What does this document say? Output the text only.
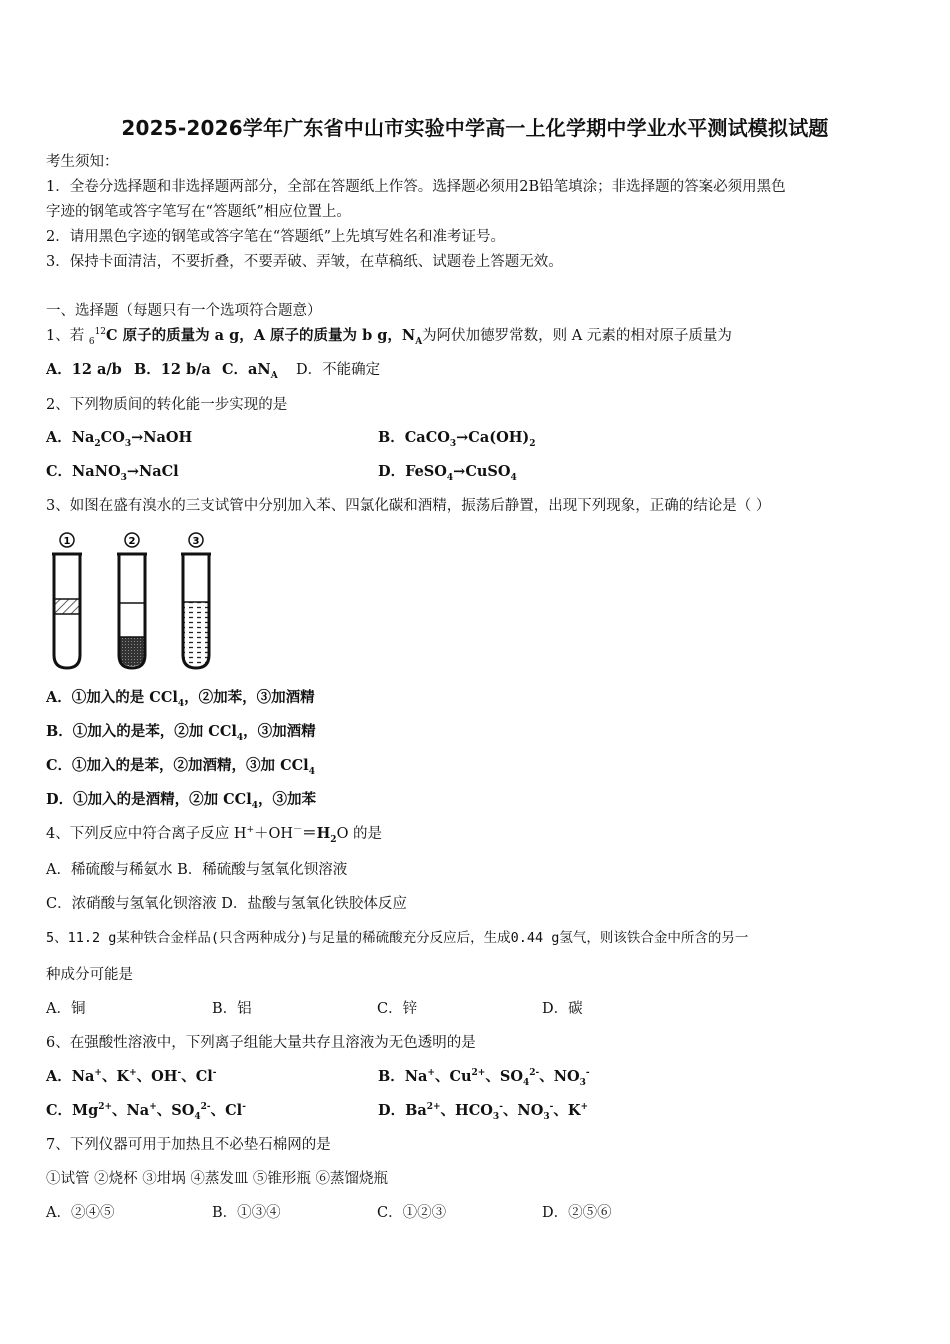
2025-2026学年广东省中山市实验中学高一上化学期中学业水平测试模拟试题
考生须知：
1．全卷分选择题和非选择题两部分，全部在答题纸上作答。选择题必须用2B铅笔填涂；非选择题的答案必须用黑色
字迹的钢笔或答字笔写在“答题纸”相应位置上。
2．请用黑色字迹的钢笔或答字笔在“答题纸”上先填写姓名和准考证号。
3．保持卡面清洁，不要折叠，不要弄破、弄皱，在草稿纸、试题卷上答题无效。
一、选择题（每题只有一个选项符合题意）
1、若 $_6^{12}$C 原子的质量为 a g，A 原子的质量为 b g，$N_A$为阿伏加德罗常数，则 A 元素的相对原子质量为
A．12 a/b B．12 b/a C．$aN_A$ D．不能确定
2、下列物质间的转化能一步实现的是
A．$Na_2CO_3\to NaOH$	B．$CaCO_3\to Ca(OH)_2$
C．NaNO$_3$→NaCl	D．FeSO$_4$→CuSO$_4$
3、如图在盛有溴水的三支试管中分别加入苯、四氯化碳和酒精，振荡后静置，出现下列现象，正确的结论是（ ）
1	2	3
A．①加入的是 CCl$_4$，②加苯，③加酒精
B．①加入的是苯，②加 CCl$_4$，③加酒精
C．①加入的是苯，②加酒精，③加 CCl$_4$
D．①加入的是酒精，②加 CCl$_4$，③加苯
4、下列反应中符合离子反应 $H^++OH^-=H_2O$ 的是
A．稀硫酸与稀氨水 B．稀硫酸与氢氧化钡溶液
C．浓硝酸与氢氧化钡溶液 D．盐酸与氢氧化铁胶体反应
5、11.2 g某种铁合金样品(只含两种成分)与足量的稀硫酸充分反应后，生成0.44 g氢气，则该铁合金中所含的另一
种成分可能是
A．铜	B．铝	C．锌	D．碳
6、在强酸性溶液中，下列离子组能大量共存且溶液为无色透明的是
A．Na+、K+、OH-、Cl-	B．Na+、$Cu^{2+}$、$SO_4^{2-}$、$NO_3^-$
C．$Mg^{2+}$、Na+、$SO_4^{2-}$、Cl-	D．$Ba^{2+}$、$HCO_3^-$、$NO_3^-$、K+
7、下列仪器可用于加热且不必垫石棉网的是
①试管 ②烧杯 ③坩埚 ④蒸发皿 ⑤锥形瓶 ⑥蒸馏烧瓶
A．②④⑤	B．①③④	C．①②③	D．②⑤⑥
